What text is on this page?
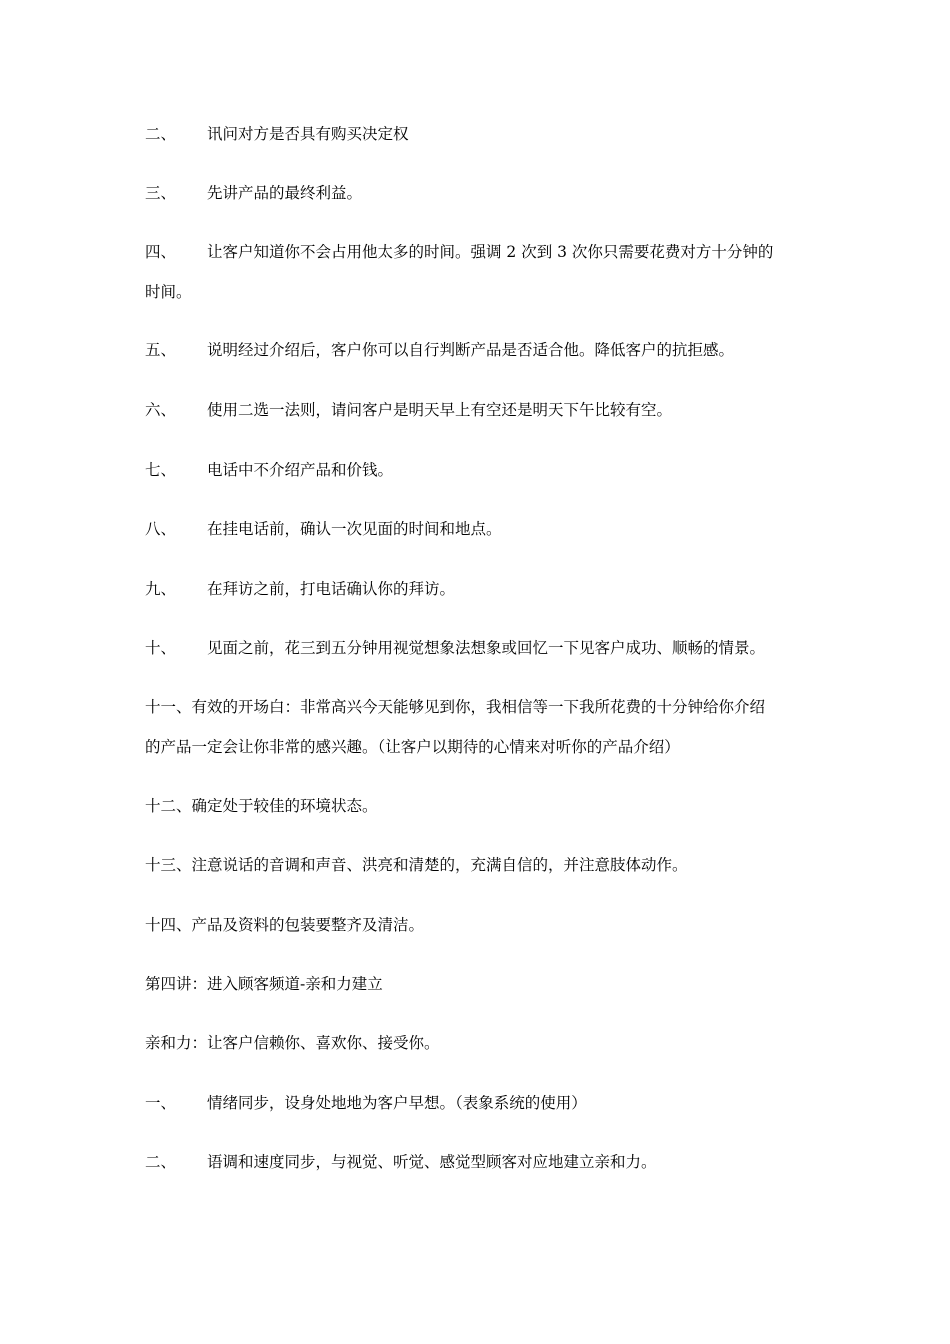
二、 讯问对方是否具有购买决定权
三、 先讲产品的最终利益。
四、 让客户知道你不会占用他太多的时间。强调 2 次到 3 次你只需要花费对方十分钟的
时间。
五、 说明经过介绍后，客户你可以自行判断产品是否适合他。降低客户的抗拒感。
六、 使用二选一法则，请问客户是明天早上有空还是明天下午比较有空。
七、 电话中不介绍产品和价钱。
八、 在挂电话前，确认一次见面的时间和地点。
九、 在拜访之前，打电话确认你的拜访。
十、 见面之前，花三到五分钟用视觉想象法想象或回忆一下见客户成功、顺畅的情景。
十一、有效的开场白：非常高兴今天能够见到你，我相信等一下我所花费的十分钟给你介绍
的产品一定会让你非常的感兴趣。（让客户以期待的心情来对听你的产品介绍）
十二、确定处于较佳的环境状态。
十三、注意说话的音调和声音、洪亮和清楚的，充满自信的，并注意肢体动作。
十四、产品及资料的包装要整齐及清洁。
第四讲：进入顾客频道-亲和力建立
亲和力：让客户信赖你、喜欢你、接受你。
一、 情绪同步，设身处地地为客户早想。（表象系统的使用）
二、 语调和速度同步，与视觉、听觉、感觉型顾客对应地建立亲和力。
